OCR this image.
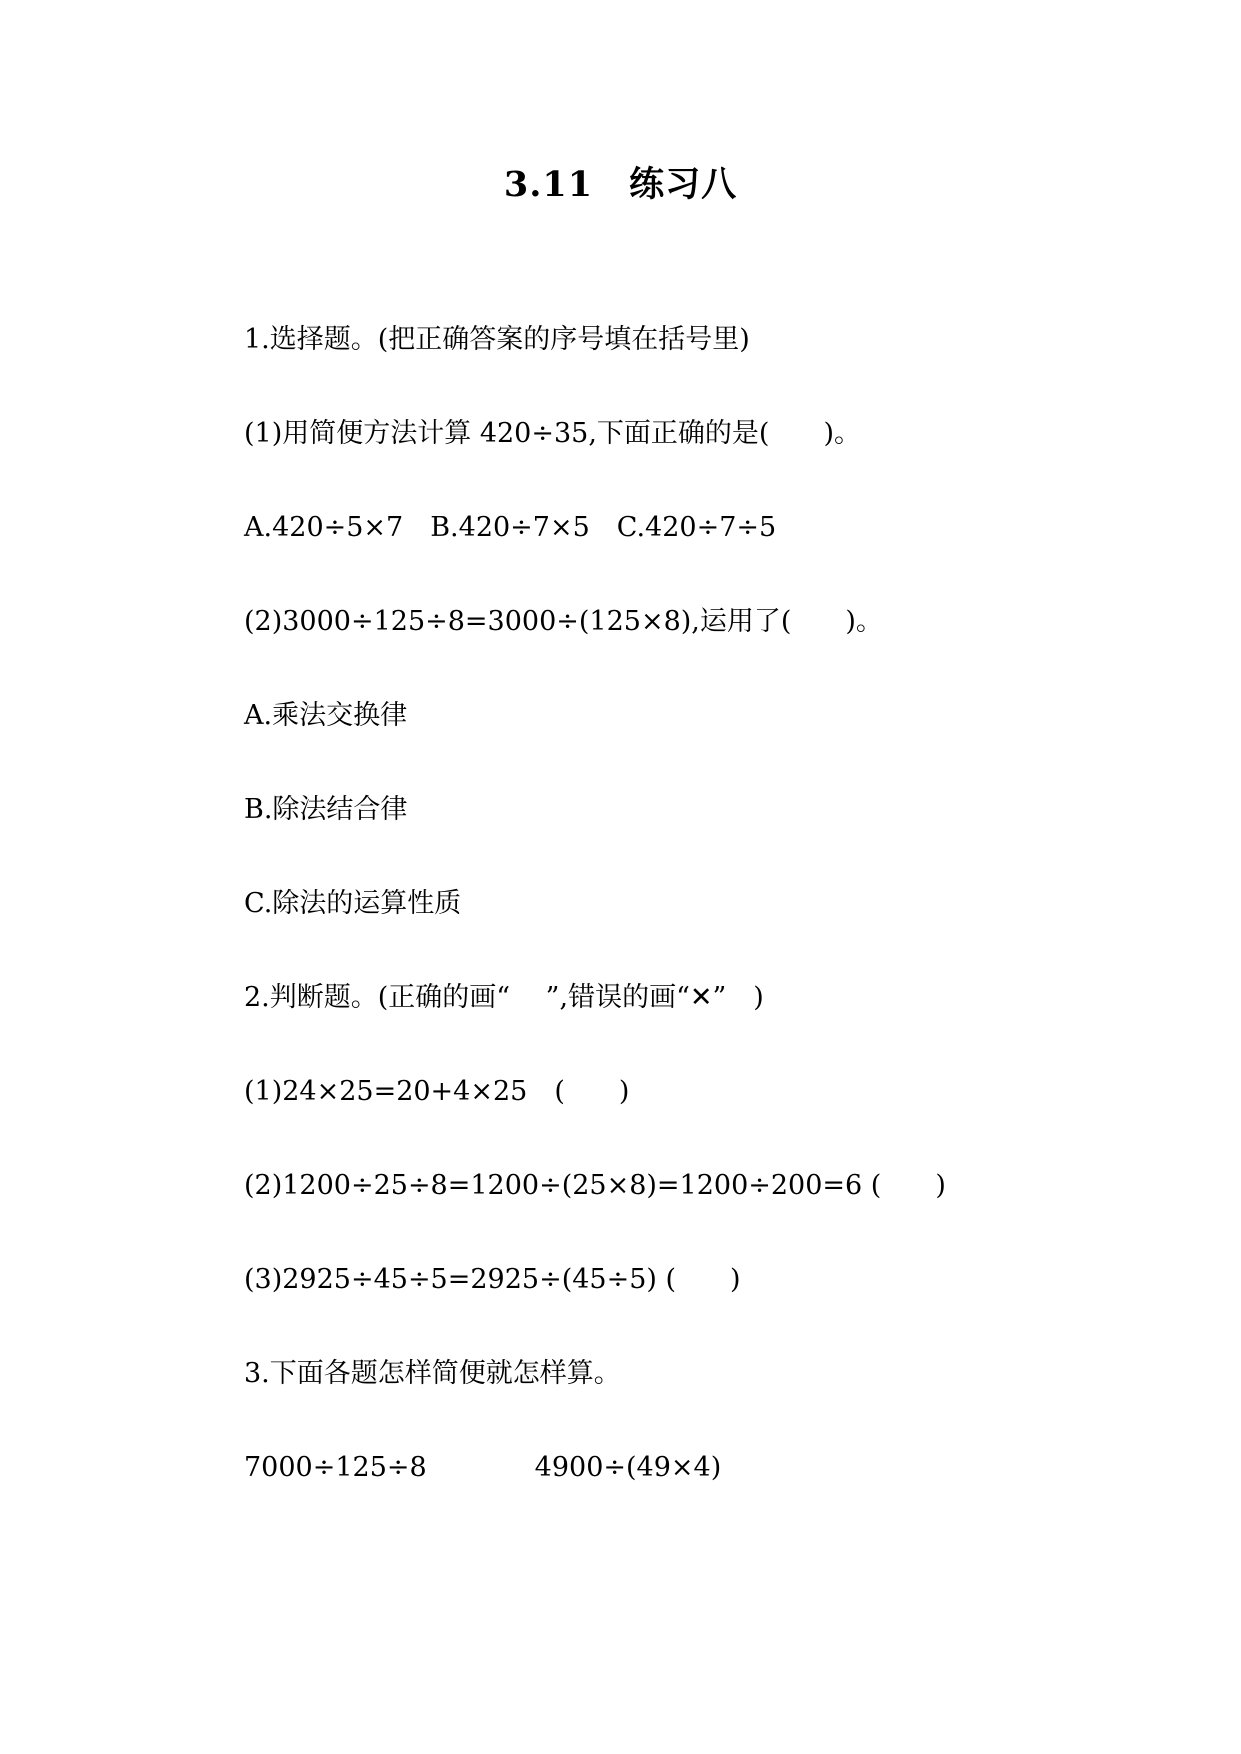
3.11　练习八
1.选择题。(把正确答案的序号填在括号里)
(1)用简便方法计算 420÷35,下面正确的是(　　)。
A.420÷5×7　B.420÷7×5　C.420÷7÷5
(2)3000÷125÷8=3000÷(125×8),运用了(　　)。
A.乘法交换律
B.除法结合律
C.除法的运算性质
2.判断题。(正确的画“　 ”,错误的画“✕”　)
(1)24×25=20+4×25　(　　)
(2)1200÷25÷8=1200÷(25×8)=1200÷200=6 (　　)
(3)2925÷45÷5=2925÷(45÷5) (　　)
3.下面各题怎样简便就怎样算。
7000÷125÷8　　　　4900÷(49×4)
